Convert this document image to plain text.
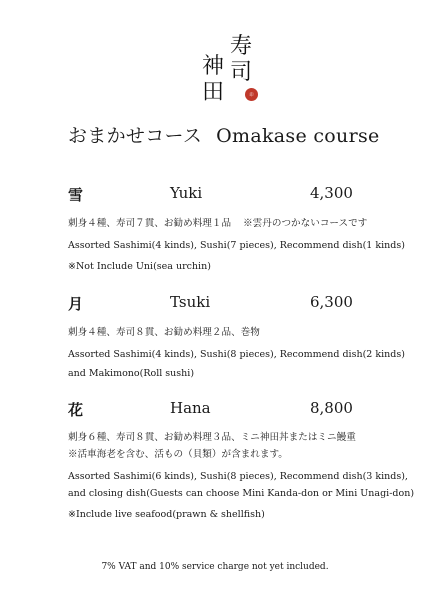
寿
司
神
田	印
おまかせコース Omakase course
雪	Yuki	4,300
刺身４種、寿司７貫、お勧め料理１品 ※雲丹のつかないコースです
Assorted Sashimi(4 kinds), Sushi(7 pieces), Recommend dish(1 kinds)
※Not Include Uni(sea urchin)
月	Tsuki	6,300
刺身４種、寿司８貫、お勧め料理２品、巻物
Assorted Sashimi(4 kinds), Sushi(8 pieces), Recommend dish(2 kinds)
and Makimono(Roll sushi)
花	Hana	8,800
刺身６種、寿司８貫、お勧め料理３品、ミニ神田丼またはミニ鰻重
※活車海老を含む、活もの（貝類）が含まれます。
Assorted Sashimi(6 kinds), Sushi(8 pieces), Recommend dish(3 kinds),
and closing dish(Guests can choose Mini Kanda-don or Mini Unagi-don)
※Include live seafood(prawn & shellfish)
7% VAT and 10% service charge not yet included.
